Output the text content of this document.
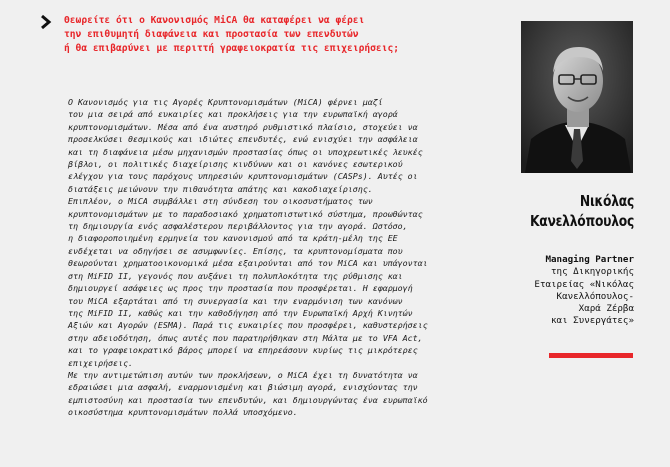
Θεωρείτε ότι ο Κανονισμός MiCA θα καταφέρει να φέρει
την επιθυμητή διαφάνεια και προστασία των επενδυτών
ή θα επιβαρύνει με περιττή γραφειοκρατία τις επιχειρήσεις;
Ο Κανονισμός για τις Αγορές Κρυπτονομισμάτων (MiCA) φέρνει μαζί
του μια σειρά από ευκαιρίες και προκλήσεις για την ευρωπαϊκή αγορά
κρυπτονομισμάτων. Μέσα από ένα αυστηρό ρυθμιστικό πλαίσιο, στοχεύει να
προσελκύσει θεσμικούς και ιδιώτες επενδυτές, ενώ ενισχύει την ασφάλεια
και τη διαφάνεια μέσω μηχανισμών προστασίας όπως οι υποχρεωτικές λευκές
βίβλοι, οι πολιτικές διαχείρισης κινδύνων και οι κανόνες εσωτερικού
ελέγχου για τους παρόχους υπηρεσιών κρυπτονομισμάτων (CASPs). Αυτές οι
διατάξεις μειώνουν την πιθανότητα απάτης και κακοδιαχείρισης.
Επιπλέον, ο MiCA συμβάλλει στη σύνδεση του οικοσυστήματος των
κρυπτονομισμάτων με το παραδοσιακό χρηματοπιστωτικό σύστημα, προωθώντας
τη δημιουργία ενός ασφαλέστερου περιβάλλοντος για την αγορά. Ωστόσο,
η διαφοροποιημένη ερμηνεία του κανονισμού από τα κράτη-μέλη της ΕΕ
ενδέχεται να οδηγήσει σε ασυμφωνίες. Επίσης, τα κρυπτονομίσματα που
θεωρούνται χρηματοοικονομικά μέσα εξαιρούνται από τον MiCA και υπάγονται
στη MiFID II, γεγονός που αυξάνει τη πολυπλοκότητα της ρύθμισης και
δημιουργεί ασάφειες ως προς την προστασία που προσφέρεται. Η εφαρμογή
του MiCA εξαρτάται από τη συνεργασία και την εναρμόνιση των κανόνων
της MiFID II, καθώς και την καθοδήγηση από την Ευρωπαϊκή Αρχή Κινητών
Αξιών και Αγορών (ESMA). Παρά τις ευκαιρίες που προσφέρει, καθυστερήσεις
στην αδειοδότηση, όπως αυτές που παρατηρήθηκαν στη Μάλτα με το VFA Act,
και το γραφειοκρατικό βάρος μπορεί να επηρεάσουν κυρίως τις μικρότερες
επιχειρήσεις.
Με την αντιμετώπιση αυτών των προκλήσεων, ο MiCA έχει τη δυνατότητα να
εδραιώσει μια ασφαλή, εναρμονισμένη και βιώσιμη αγορά, ενισχύοντας την
εμπιστοσύνη και προστασία των επενδυτών, και δημιουργώντας ένα ευρωπαϊκό
οικοσύστημα κρυπτονομισμάτων πολλά υποσχόμενο.
Νικόλας
Κανελλόπουλος
Managing Partner
της Δικηγορικής
Εταιρείας «Νικόλας
Κανελλόπουλος-
Χαρά Ζέρβα
και Συνεργάτες»
